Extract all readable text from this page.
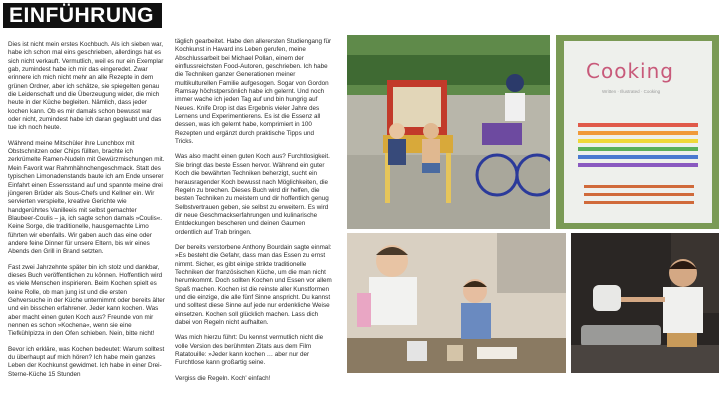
EINFÜHRUNG

Dies ist nicht mein erstes Kochbuch. Als ich sieben war, habe ich schon mal eins geschrieben, allerdings hat es sich nicht verkauft. Vermutlich, weil es nur ein Exemplar gab, zumindest habe ich mir das eingeredet. Zwar erinnere ich mich nicht mehr an alle Rezepte in dem grünen Ordner, aber ich schätze, sie spiegelten genau die Leidenschaft und die Überzeugung wider, die mich heute in der Küche begleiten. Nämlich, dass jeder kochen kann. Ob es mir damals schon bewusst war oder nicht, zumindest habe ich daran geglaubt und das tue ich noch heute.

Während meine Mitschüler ihre Lunchbox mit Obstschnitzen oder Chips füllten, brachte ich zerkrümelte Ramen-Nudeln mit Gewürzmischungen mit. Mein Favorit war Rahmhähnchengeschmack. Statt des typischen Limonadenstands baute ich am Ende unserer Einfahrt einen Essensstand auf und spannte meine drei jüngeren Brüder als Sous-Chefs und Kellner ein. Wir servierten verspielte, kreative Gerichte wie handgerührtes Vanilleeis mit selbst gemachter Blaubeer-Coulis – ja, ich sagte schon damals »Coulis«. Keine Sorge, die traditionelle, hausgemachte Limo führten wir ebenfalls. Wir gaben auch das eine oder andere feine Dinner für unsere Eltern, bis wir eines Abends den Grill in Brand setzten.

Fast zwei Jahrzehnte später bin ich stolz und dankbar, dieses Buch veröffentlichen zu können. Hoffentlich wird es viele Menschen inspirieren. Beim Kochen spielt es keine Rolle, ob man jung ist und die ersten Gehversuche in der Küche unternimmt oder bereits älter und ein bisschen erfahrener. Jeder kann kochen. Was aber macht einen guten Koch aus? Freunde von mir nennen es schon »Kochena«, wenn sie eine Tiefkühlpizza in den Ofen schieben. Nein, bitte nicht!

Bevor ich erkläre, was Kochen bedeutet: Warum solltest du überhaupt auf mich hören? Ich habe mein ganzes Leben der Kochkunst gewidmet. Ich habe in einer Drei-Sterne-Küche 15 Stunden

täglich gearbeitet. Habe den allerersten Studiengang für Kochkunst in Havard ins Leben gerufen, meine Abschlussarbeit bei Michael Pollan, einem der einflussreichsten Food-Autoren, geschrieben. Ich habe die Techniken ganzer Generationen meiner multikulturellen Familie aufgesogen. Sogar von Gordon Ramsay höchstpersönlich habe ich gelernt. Und noch immer wache ich jeden Tag auf und bin hungrig auf Neues. Knife Drop ist das Ergebnis vieler Jahre des Lernens und Experimentierens. Es ist die Essenz all dessen, was ich gelernt habe, komprimiert in 100 Rezepten und ergänzt durch praktische Tipps und Tricks.

Was also macht einen guten Koch aus? Furchtlosigkeit. Sie bringt das beste Essen hervor. Während ein guter Koch die bewährten Techniken beherzigt, sucht ein herausragender Koch bewusst nach Möglichkeiten, die Regeln zu brechen. Dieses Buch wird dir helfen, die besten Techniken zu meistern und dir hoffentlich genug Selbstvertrauen geben, sie selbst zu erweitern. Es wird dir neue Geschmackserfahrungen und kulinarische Entdeckungen bescheren und deinen Gaumen ordentlich auf Trab bringen.

Der bereits verstorbene Anthony Bourdain sagte einmal: »Es besteht die Gefahr, dass man das Essen zu ernst nimmt. Sicher, es gibt einige strikte traditionelle Techniken der französischen Küche, um die man nicht herumkommt. Doch sollten Kochen und Essen vor allem Spaß machen. Kochen ist die reinste aller Kunstformen und die einzige, die alle fünf Sinne anspricht. Du kannst und solltest diese Sinne auf jede nur erdenkliche Weise einsetzen. Kochen soll glücklich machen. Lass dich dabei von Regeln nicht aufhalten.

Was mich hierzu führt: Du kennst vermutlich nicht die volle Version des berühmten Zitats aus dem Film Ratatouille: »Jeder kann kochen … aber nur der Furchtlose kann großartig seine.

Vergiss die Regeln. Koch' einfach!

Cooking
Written · Illustrated · Cooking
